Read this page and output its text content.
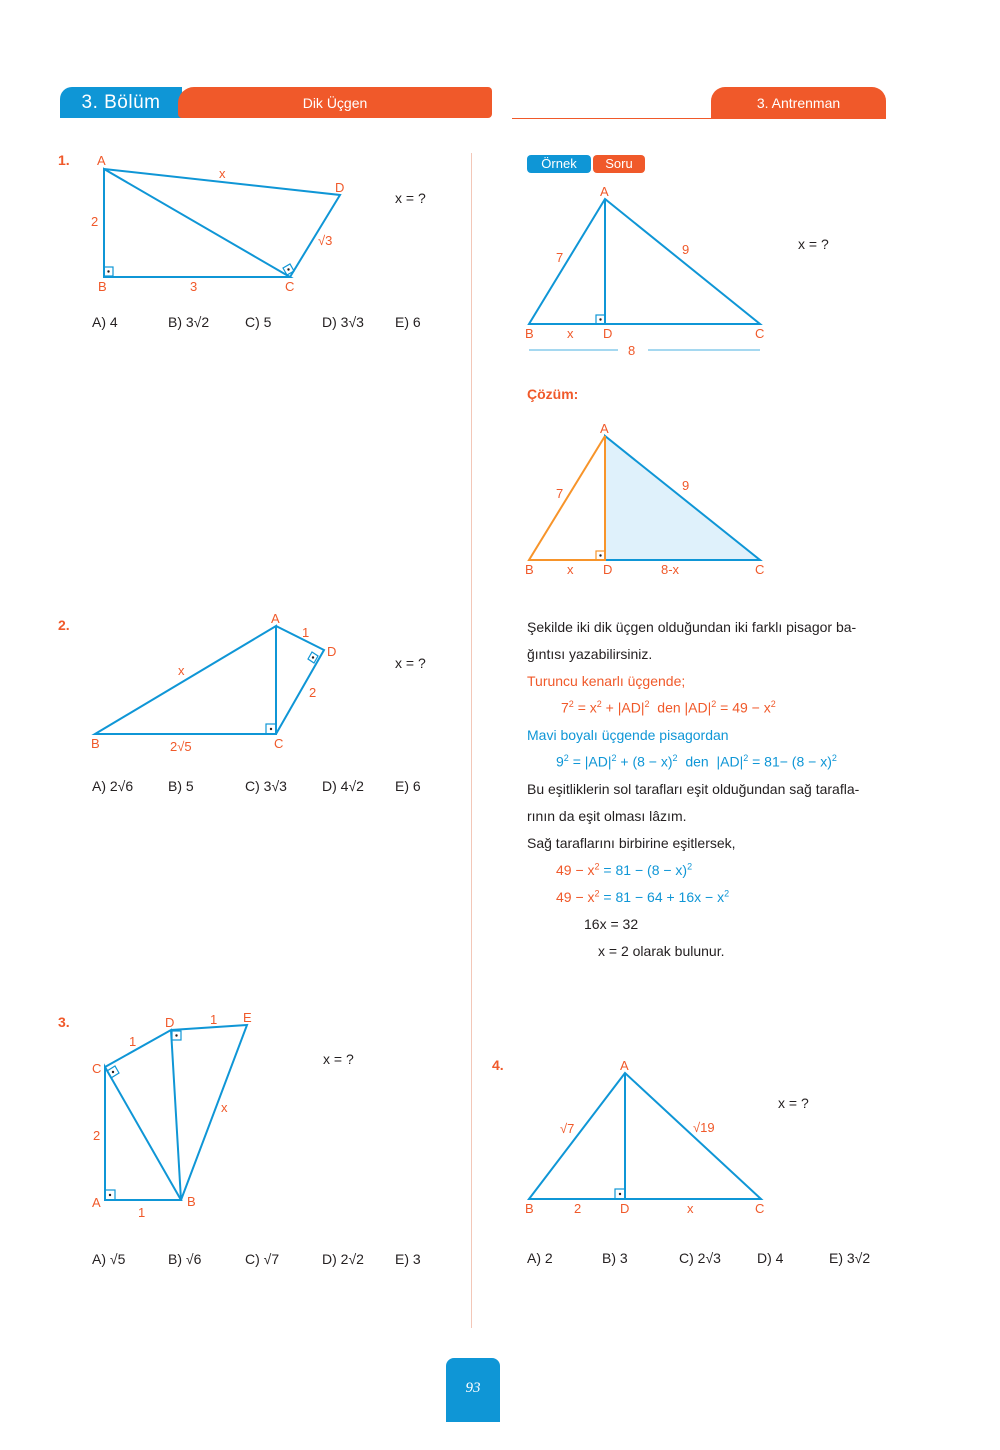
3. Bölüm	Dik Üçgen	3. Antrenman
1. A
B	C
D
x
2
3
√3
x = ?
A) 4	B) 3√2	C) 5	D) 3√3 E) 6
2.	A
B	C
D
x
1
2
2√5
x = ?
A) 2√6 B) 5	C) 3√3	D) 4√2 E) 6
3.
A	B
C
D	E
x
1
1
2
1
x = ?
A) √5	B) √6	C) √7	D) 2√2 E) 3
Örnek	Soru
A
B	C
D
x
7
9
8
x = ?
Çözüm:
A
B	C
D
x
7
9
8-x
Şekilde iki dik üçgen olduğundan iki farklı pisagor ba-
ğıntısı yazabilirsiniz.
Turuncu kenarlı üçgende;
$7^2 = x^2 + |AD|^2$  den $|AD|^2 = 49 - x^2$
Mavi boyalı üçgende pisagordan
$9^2 = |AD|^2 + (8 - x)^2$  den  $|AD|^2 = 81- (8 - x)^2$
Bu eşitliklerin sol tarafları eşit olduğundan sağ tarafla-
rının da eşit olması lâzım.
Sağ taraflarını birbirine eşitlersek,
$49 - x^2 = 81 - (8 - x)^2$
$49 - x^2 = 81 - 64 + 16x - x^2$
16x = 32
x = 2 olarak bulunur.
4.	A
B	C
D	x
√7	√19
2
x = ?
A) 2	B) 3	C) 2√3	D) 4	E) 3√2
93
